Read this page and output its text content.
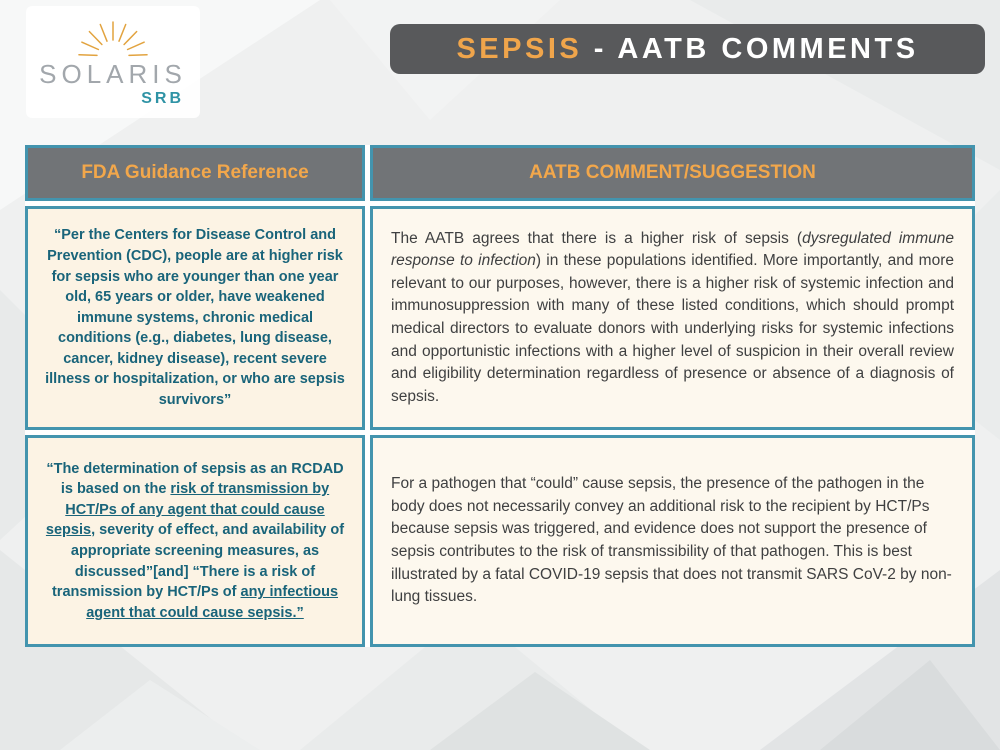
SOLARIS
SRB
SEPSIS - AATB COMMENTS
FDA Guidance Reference	AATB COMMENT/SUGGESTION

“Per the Centers for Disease Control and Prevention (CDC), people are at higher risk for sepsis who are younger than one year old, 65 years or older, have weakened immune systems, chronic medical conditions (e.g., diabetes, lung disease, cancer, kidney disease), recent severe illness or hospitalization, or who are sepsis survivors”

The AATB agrees that there is a higher risk of sepsis (dysregulated immune response to infection) in these populations identified. More importantly, and more relevant to our purposes, however, there is a higher risk of systemic infection and immunosuppression with many of these listed conditions, which should prompt medical directors to evaluate donors with underlying risks for systemic infections and opportunistic infections with a higher level of suspicion in their overall review and eligibility determination regardless of presence or absence of a diagnosis of sepsis.

“The determination of sepsis as an RCDAD is based on the risk of transmission by HCT/Ps of any agent that could cause sepsis, severity of effect, and availability of appropriate screening measures, as discussed”[and] “There is a risk of transmission by HCT/Ps of any infectious agent that could cause sepsis.”

For a pathogen that “could” cause sepsis, the presence of the pathogen in the body does not necessarily convey an additional risk to the recipient by HCT/Ps because sepsis was triggered, and evidence does not support the presence of sepsis contributes to the risk of transmissibility of that pathogen. This is best illustrated by a fatal COVID-19 sepsis that does not transmit SARS CoV-2 by non-lung tissues.
